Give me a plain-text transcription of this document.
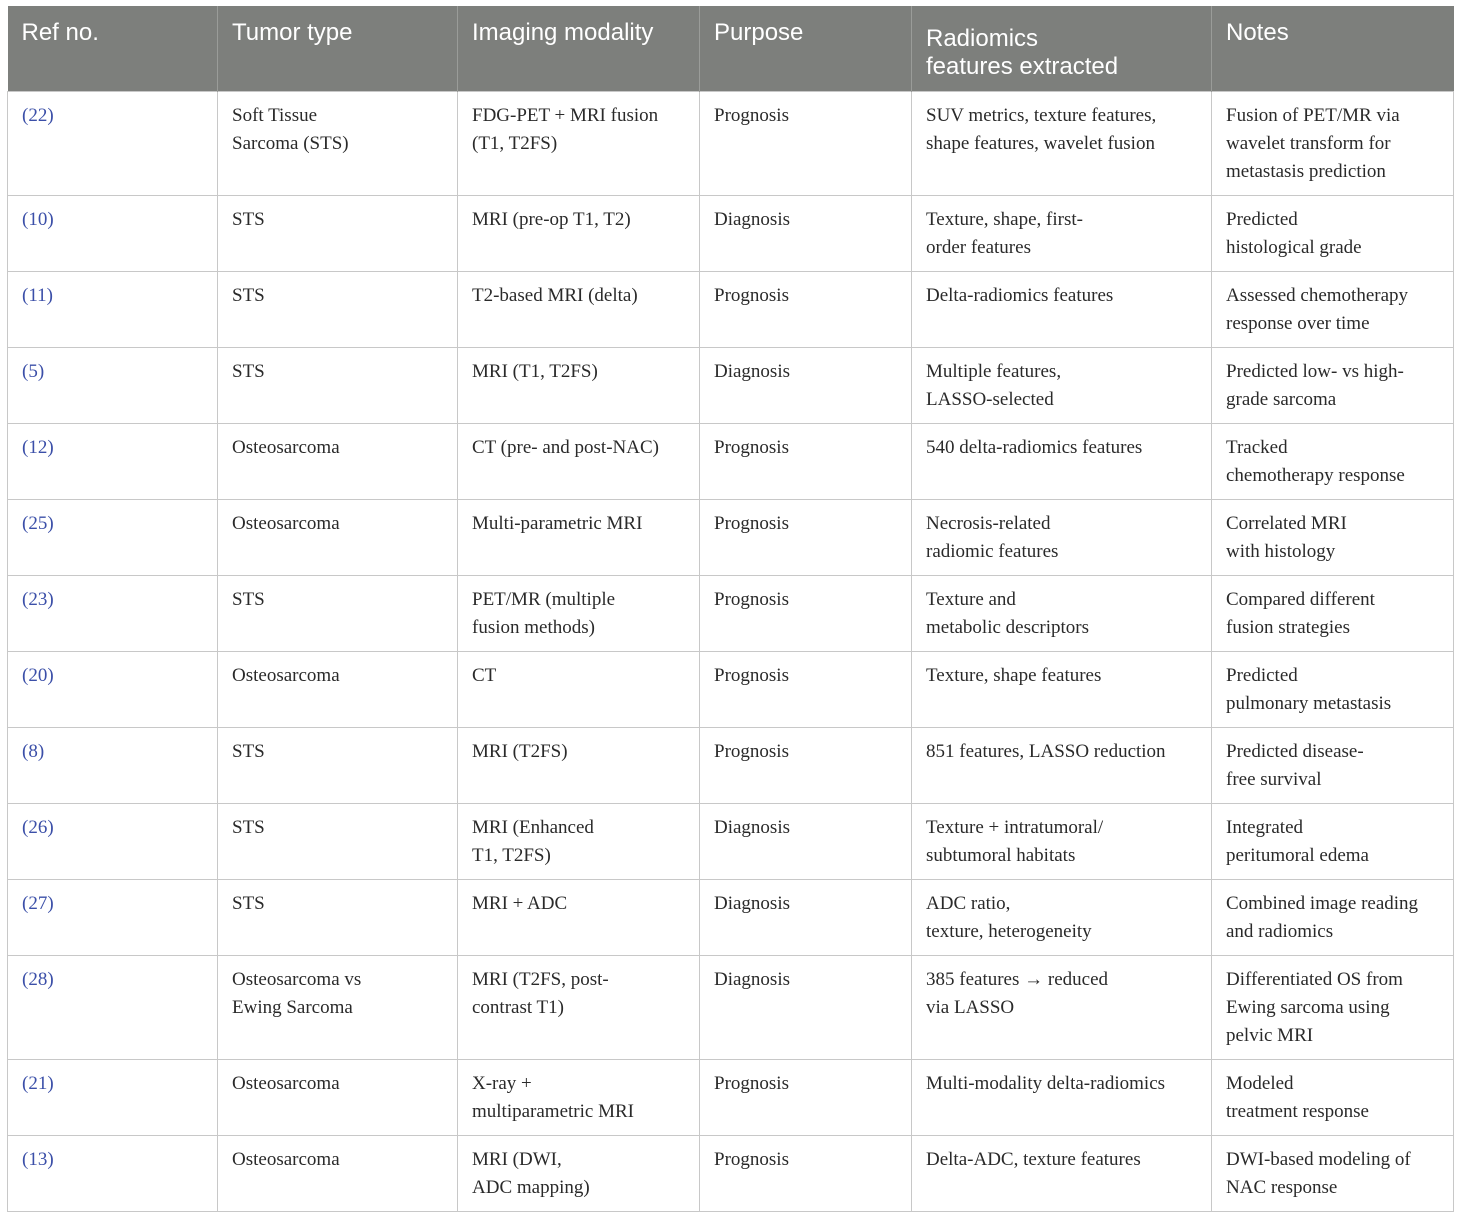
Ref no.	Tumor type	Imaging modality	Purpose	Radiomics
features extracted	Notes
(22)	Soft Tissue
Sarcoma (STS)	FDG-PET + MRI fusion
(T1, T2FS)	Prognosis	SUV metrics, texture features,
shape features, wavelet fusion	Fusion of PET/MR via
wavelet transform for
metastasis prediction
(10)	STS	MRI (pre-op T1, T2)	Diagnosis	Texture, shape, first-
order features	Predicted
histological grade
(11)	STS	T2-based MRI (delta)	Prognosis	Delta-radiomics features	Assessed chemotherapy
response over time
(5)	STS	MRI (T1, T2FS)	Diagnosis	Multiple features,
LASSO-selected	Predicted low- vs high-
grade sarcoma
(12)	Osteosarcoma	CT (pre- and post-NAC)	Prognosis	540 delta-radiomics features	Tracked
chemotherapy response
(25)	Osteosarcoma	Multi-parametric MRI	Prognosis	Necrosis-related
radiomic features	Correlated MRI
with histology
(23)	STS	PET/MR (multiple
fusion methods)	Prognosis	Texture and
metabolic descriptors	Compared different
fusion strategies
(20)	Osteosarcoma	CT	Prognosis	Texture, shape features	Predicted
pulmonary metastasis
(8)	STS	MRI (T2FS)	Prognosis	851 features, LASSO reduction	Predicted disease-
free survival
(26)	STS	MRI (Enhanced
T1, T2FS)	Diagnosis	Texture + intratumoral/
subtumoral habitats	Integrated
peritumoral edema
(27)	STS	MRI + ADC	Diagnosis	ADC ratio,
texture, heterogeneity	Combined image reading
and radiomics
(28)	Osteosarcoma vs
Ewing Sarcoma	MRI (T2FS, post-
contrast T1)	Diagnosis	385 features → reduced
via LASSO	Differentiated OS from
Ewing sarcoma using
pelvic MRI
(21)	Osteosarcoma	X-ray +
multiparametric MRI	Prognosis	Multi-modality delta-radiomics	Modeled
treatment response
(13)	Osteosarcoma	MRI (DWI,
ADC mapping)	Prognosis	Delta-ADC, texture features	DWI-based modeling of
NAC response
